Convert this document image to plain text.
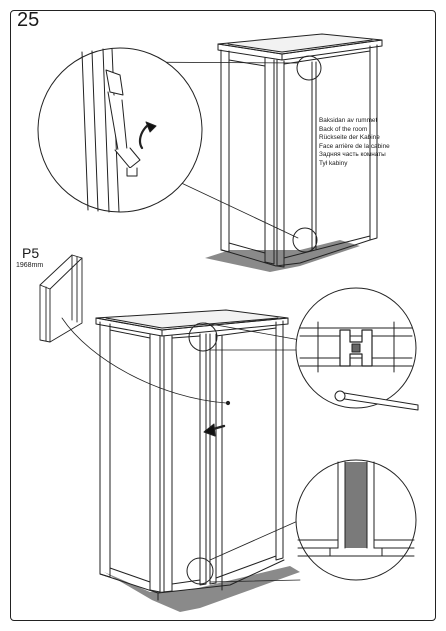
25
P5
1968mm
Baksidan av rummet
Back of the room
Rückseite der Kabine
Face arrière de la cabine
Задняя часть комнаты
Tył kabiny
